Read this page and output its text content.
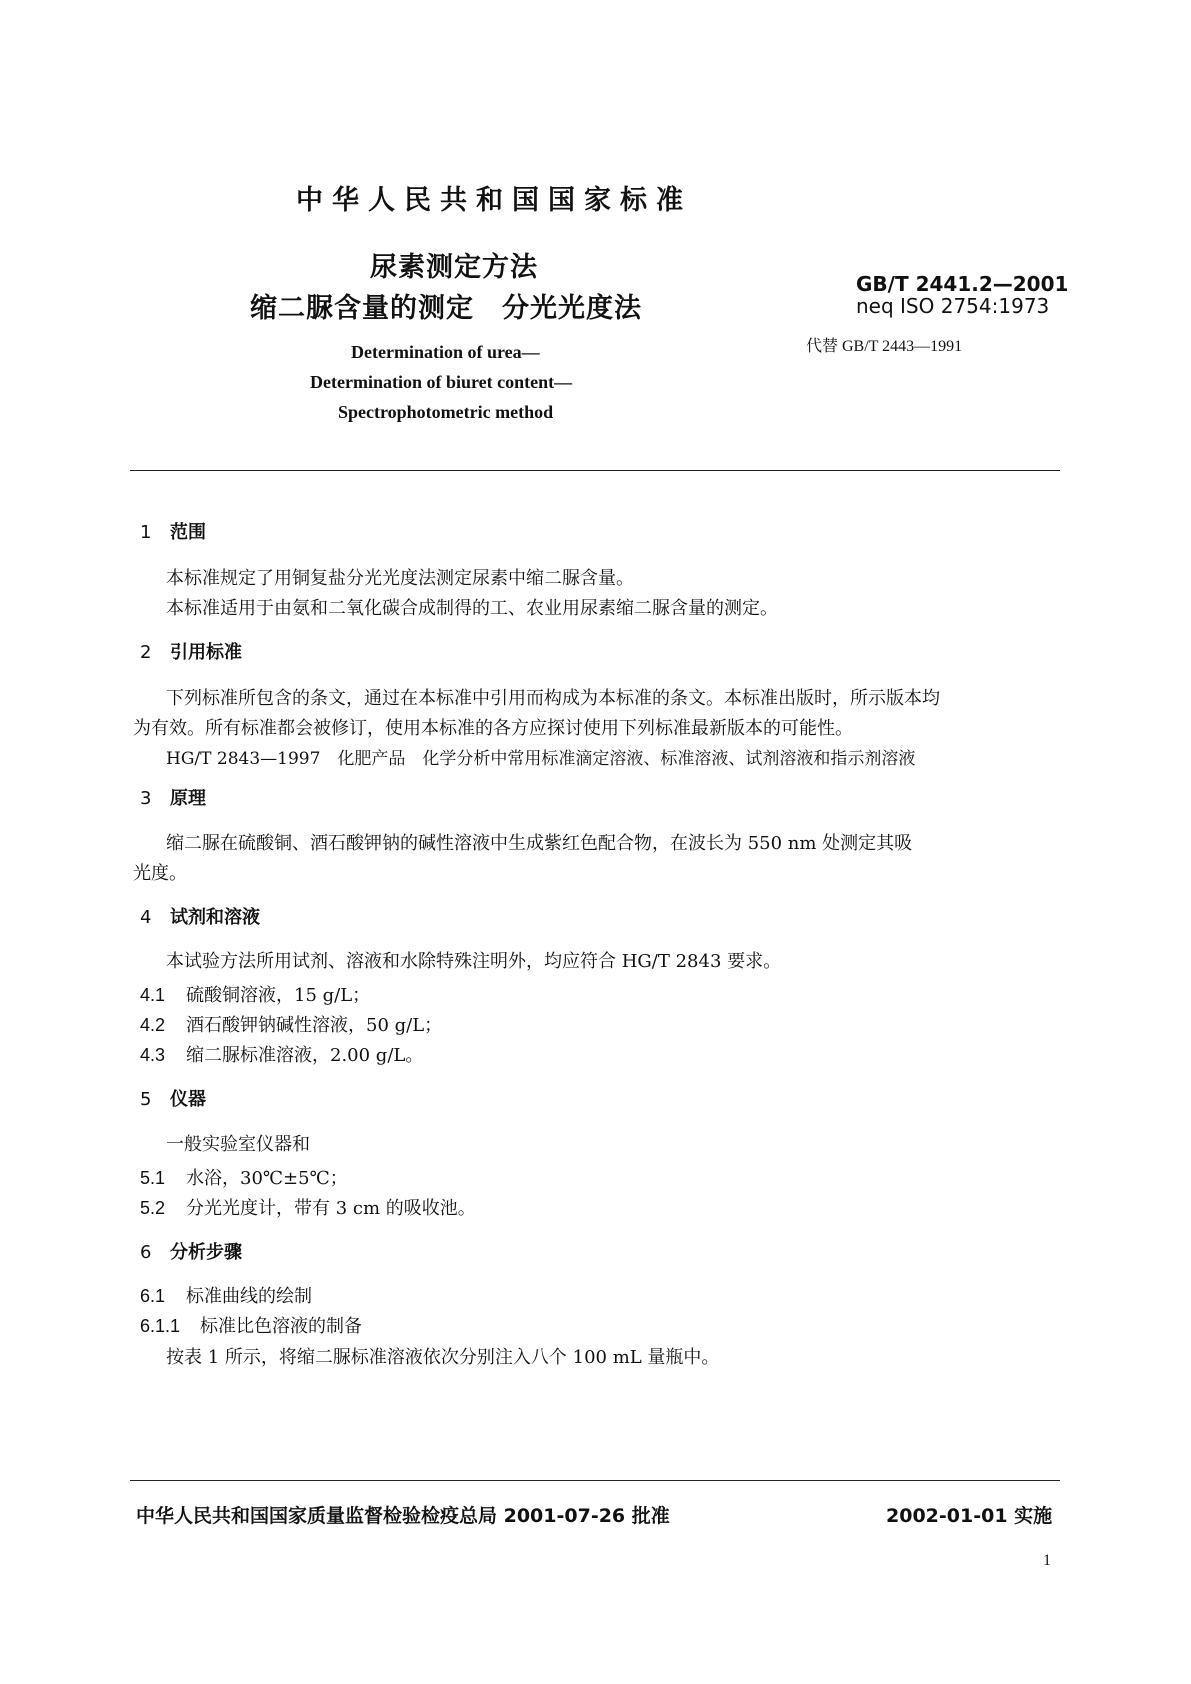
中华人民共和国国家标准
尿素测定方法
缩二脲含量的测定　分光光度法
GB/T 2441.2—2001
neq ISO 2754:1973
代替 GB/T 2443—1991
Determination of urea—
Determination of biuret content—
Spectrophotometric method
1 范围
本标准规定了用铜复盐分光光度法测定尿素中缩二脲含量。
本标准适用于由氨和二氧化碳合成制得的工、农业用尿素缩二脲含量的测定。
2 引用标准
下列标准所包含的条文，通过在本标准中引用而构成为本标准的条文。本标准出版时，所示版本均
为有效。所有标准都会被修订，使用本标准的各方应探讨使用下列标准最新版本的可能性。
HG/T 2843—1997　化肥产品　化学分析中常用标准滴定溶液、标准溶液、试剂溶液和指示剂溶液
3 原理
缩二脲在硫酸铜、酒石酸钾钠的碱性溶液中生成紫红色配合物，在波长为 550 nm 处测定其吸
光度。
4 试剂和溶液
本试验方法所用试剂、溶液和水除特殊注明外，均应符合 HG/T 2843 要求。
4.1 硫酸铜溶液，15 g/L；
4.2 酒石酸钾钠碱性溶液，50 g/L；
4.3 缩二脲标准溶液，2.00 g/L。
5 仪器
一般实验室仪器和
5.1 水浴，30℃±5℃；
5.2 分光光度计，带有 3 cm 的吸收池。
6 分析步骤
6.1 标准曲线的绘制
6.1.1 标准比色溶液的制备
按表 1 所示，将缩二脲标准溶液依次分别注入八个 100 mL 量瓶中。
中华人民共和国国家质量监督检验检疫总局 2001-07-26 批准	2002-01-01 实施
1
